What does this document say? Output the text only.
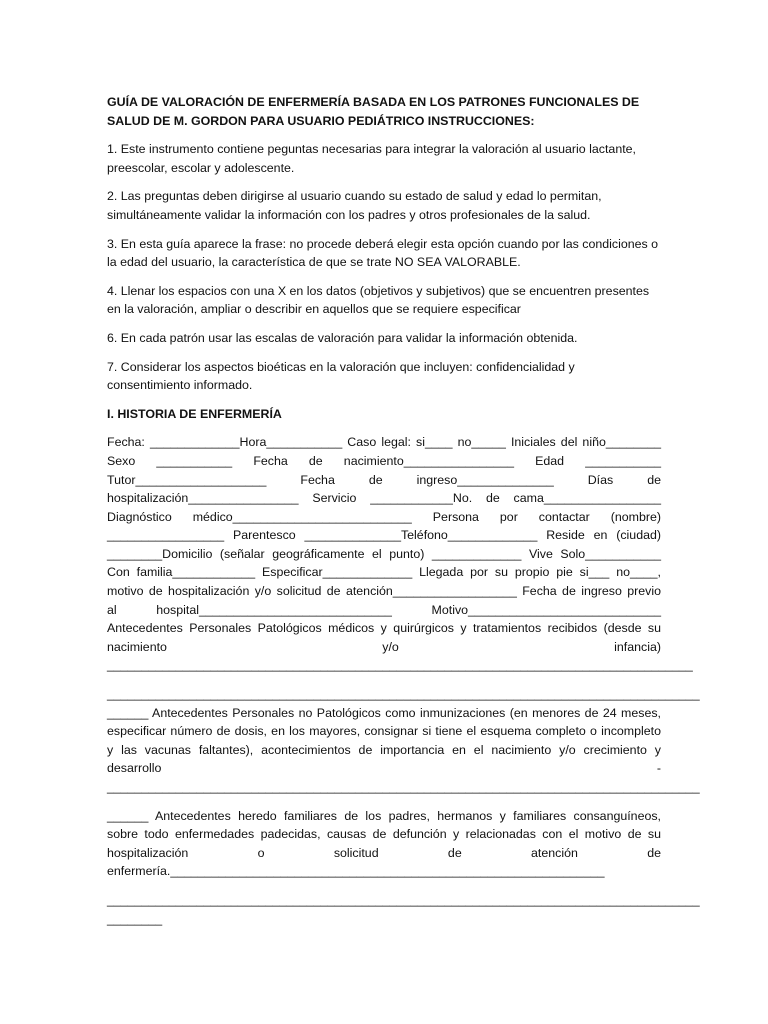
GUÍA DE VALORACIÓN DE ENFERMERÍA BASADA EN LOS PATRONES FUNCIONALES DE SALUD DE M. GORDON PARA USUARIO PEDIÁTRICO INSTRUCCIONES:
1. Este instrumento contiene peguntas necesarias para integrar la valoración al usuario lactante, preescolar, escolar y adolescente.
2. Las preguntas deben dirigirse al usuario cuando su estado de salud y edad lo permitan, simultáneamente validar la información con los padres y otros profesionales de la salud.
3. En esta guía aparece la frase: no procede deberá elegir esta opción cuando por las condiciones o la edad del usuario, la característica de que se trate NO SEA VALORABLE.
4. Llenar los espacios con una X en los datos (objetivos y subjetivos) que se encuentren presentes en la valoración, ampliar o describir en aquellos que se requiere especificar
6. En cada patrón usar las escalas de valoración para validar la información obtenida.
7. Considerar los aspectos bioéticas en la valoración que incluyen: confidencialidad y consentimiento informado.
I. HISTORIA DE ENFERMERÍA
Fecha: _____________Hora___________ Caso legal: si____ no_____ Iniciales del niño________
Sexo ___________ Fecha de nacimiento________________ Edad ___________
Tutor___________________ Fecha de ingreso______________ Días de
hospitalización________________ Servicio ____________No. de cama_________________
Diagnóstico médico__________________________ Persona por contactar (nombre)
_________________ Parentesco ______________Teléfono_____________ Reside en (ciudad)
________Domicilio (señalar geográficamente el punto) _____________ Vive Solo___________
Con familia____________ Especificar_____________ Llegada por su propio pie si___ no____,
motivo de hospitalización y/o solicitud de atención__________________ Fecha de ingreso previo
al hospital____________________________ Motivo____________________________
Antecedentes Personales Patológicos médicos y quirúrgicos y tratamientos recibidos (desde su
nacimiento y/o infancia)
_____________________________________________________________________________________
______________________________________________________________________________________
______ Antecedentes Personales no Patológicos como inmunizaciones (en menores de 24 meses,
especificar número de dosis, en los mayores, consignar si tiene el esquema completo o incompleto
y las vacunas faltantes), acontecimientos de importancia en el nacimiento y/o crecimiento y
desarrollo -
______________________________________________________________________________________
______ Antecedentes heredo familiares de los padres, hermanos y familiares consanguíneos,
sobre todo enfermedades padecidas, causas de defunción y relacionadas con el motivo de su
hospitalización o solicitud de atención de
enfermería._______________________________________________________________
______________________________________________________________________________________
________
